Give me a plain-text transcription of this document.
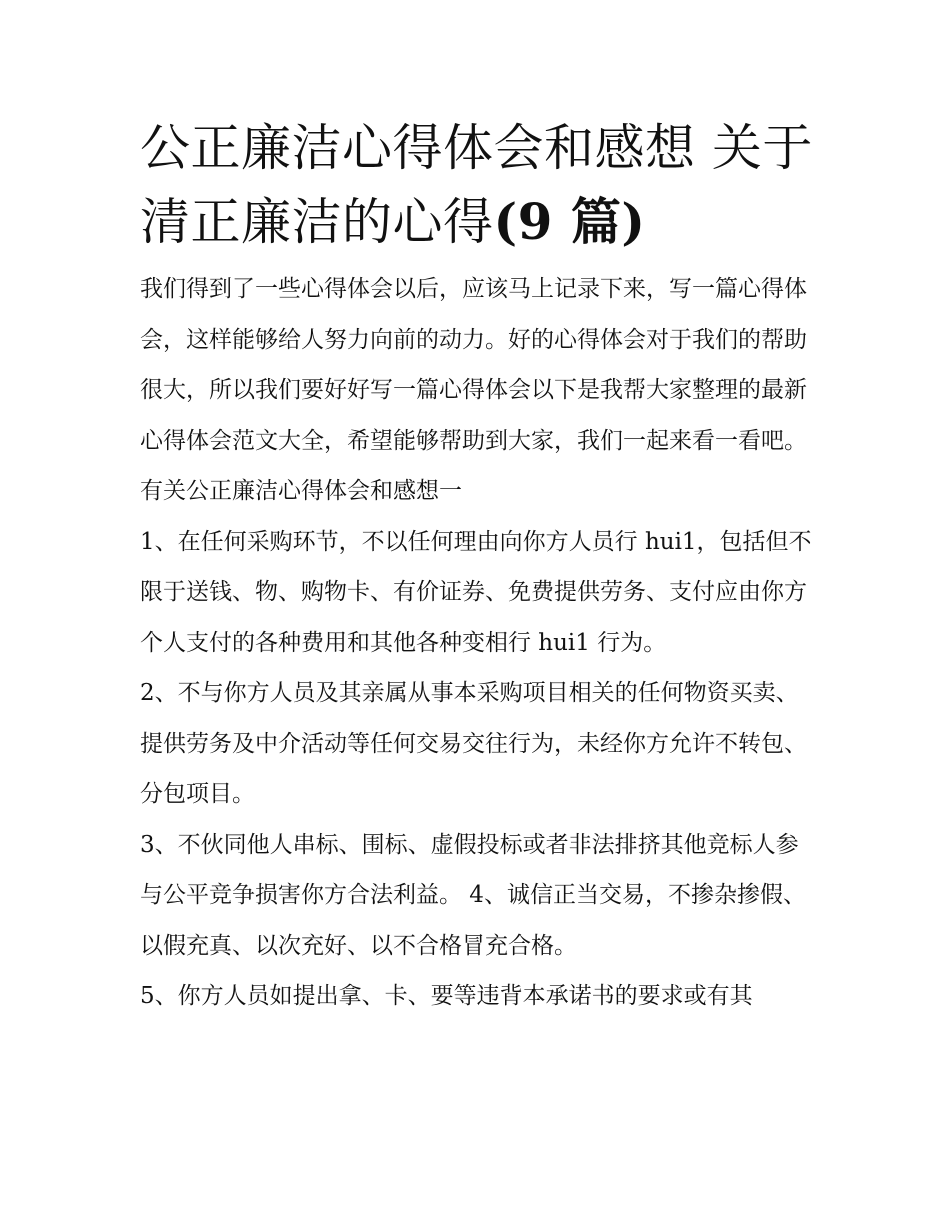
公正廉洁心得体会和感想 关于清正廉洁的心得(9 篇)

我们得到了一些心得体会以后，应该马上记录下来，写一篇心得体会，这样能够给人努力向前的动力。好的心得体会对于我们的帮助很大，所以我们要好好写一篇心得体会以下是我帮大家整理的最新心得体会范文大全，希望能够帮助到大家，我们一起来看一看吧。

有关公正廉洁心得体会和感想一

1、在任何采购环节，不以任何理由向你方人员行 hui1，包括但不限于送钱、物、购物卡、有价证券、免费提供劳务、支付应由你方个人支付的各种费用和其他各种变相行 hui1 行为。

2、不与你方人员及其亲属从事本采购项目相关的任何物资买卖、提供劳务及中介活动等任何交易交往行为，未经你方允许不转包、分包项目。

3、不伙同他人串标、围标、虚假投标或者非法排挤其他竞标人参与公平竞争损害你方合法利益。 4、诚信正当交易，不掺杂掺假、以假充真、以次充好、以不合格冒充合格。

5、你方人员如提出拿、卡、要等违背本承诺书的要求或有其
